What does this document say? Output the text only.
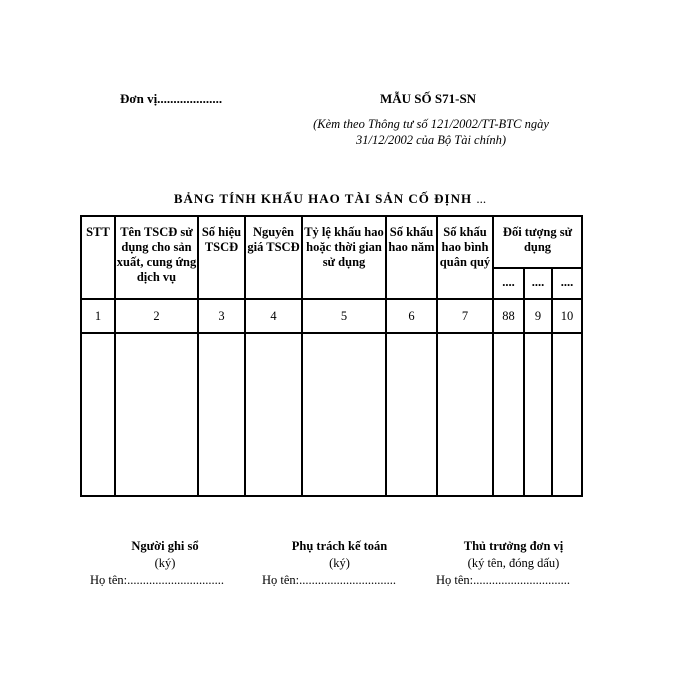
Đơn vị....................	MẪU SỐ S71-SN
(Kèm theo Thông tư số 121/2002/TT-BTC ngày 31/12/2002 của Bộ Tài chính)
BẢNG TÍNH KHẤU HAO TÀI SẢN CỐ ĐỊNH ...
STT	Tên TSCĐ sử dụng cho sản xuất, cung ứng dịch vụ	Số hiệu TSCĐ	Nguyên giá TSCĐ	Tỷ lệ khấu hao hoặc thời gian sử dụng	Số khấu hao năm	Số khấu hao bình quân quý	Đối tượng sử dụng		
							....	....	....
1	2	3	4	5	6	7	88	9	10

Người ghi sổ
(ký)
Họ tên:...............................
Phụ trách kế toán
(ký)
Họ tên:...............................
Thủ trưởng đơn vị
(ký tên, đóng dấu)
Họ tên:...............................
